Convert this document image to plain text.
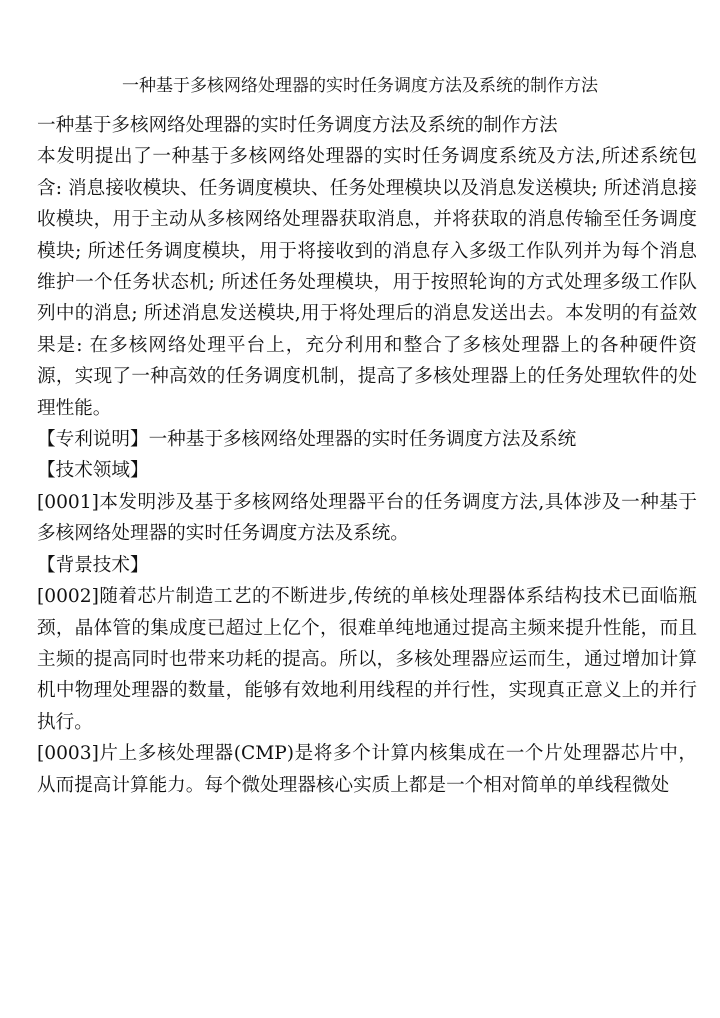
一种基于多核网络处理器的实时任务调度方法及系统的制作方法

一种基于多核网络处理器的实时任务调度方法及系统的制作方法

本发明提出了一种基于多核网络处理器的实时任务调度系统及方法,所述系统包含: 消息接收模块、任务调度模块、任务处理模块以及消息发送模块; 所述消息接收模块，用于主动从多核网络处理器获取消息，并将获取的消息传输至任务调度模块; 所述任务调度模块，用于将接收到的消息存入多级工作队列并为每个消息维护一个任务状态机; 所述任务处理模块，用于按照轮询的方式处理多级工作队列中的消息; 所述消息发送模块,用于将处理后的消息发送出去。本发明的有益效果是: 在多核网络处理平台上，充分利用和整合了多核处理器上的各种硬件资源，实现了一种高效的任务调度机制，提高了多核处理器上的任务处理软件的处理性能。

【专利说明】一种基于多核网络处理器的实时任务调度方法及系统

【技术领域】

[0001]本发明涉及基于多核网络处理器平台的任务调度方法,具体涉及一种基于多核网络处理器的实时任务调度方法及系统。

【背景技术】

[0002]随着芯片制造工艺的不断进步,传统的单核处理器体系结构技术已面临瓶颈，晶体管的集成度已超过上亿个，很难单纯地通过提高主频来提升性能，而且主频的提高同时也带来功耗的提高。所以，多核处理器应运而生，通过增加计算机中物理处理器的数量，能够有效地利用线程的并行性，实现真正意义上的并行执行。

[0003]片上多核处理器(CMP)是将多个计算内核集成在一个片处理器芯片中，从而提高计算能力。每个微处理器核心实质上都是一个相对简单的单线程微处
